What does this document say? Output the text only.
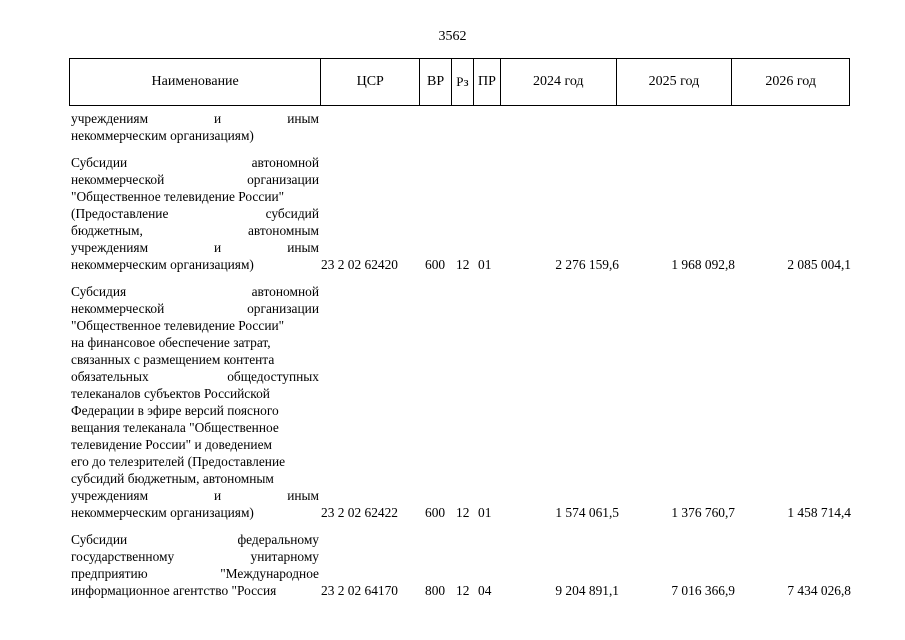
3562
Наименование	ЦСР	ВР Рз ПР	2024 год	2025 год	2026 год
учреждениям	и	иным
некоммерческим организациям)
Субсидии	автономной
некоммерческой	организации
"Общественное телевидение России"
(Предоставление	субсидий
бюджетным,	автономным
учреждениям	и	иным
некоммерческим организациям)	23 2 02 62420 600 12 01	2 276 159,6	1 968 092,8	2 085 004,1
Субсидия	автономной
некоммерческой	организации
"Общественное телевидение России"
на финансовое обеспечение затрат,
связанных с размещением контента
обязательных	общедоступных
телеканалов субъектов Российской
Федерации в эфире версий поясного
вещания телеканала "Общественное
телевидение России" и доведением
его до телезрителей (Предоставление
субсидий бюджетным, автономным
учреждениям	и	иным
некоммерческим организациям)	23 2 02 62422 600 12 01	1 574 061,5	1 376 760,7	1 458 714,4
Субсидии	федеральному
государственному	унитарному
предприятию	"Международное
информационное агентство "Россия	23 2 02 64170 800 12 04	9 204 891,1	7 016 366,9	7 434 026,8
